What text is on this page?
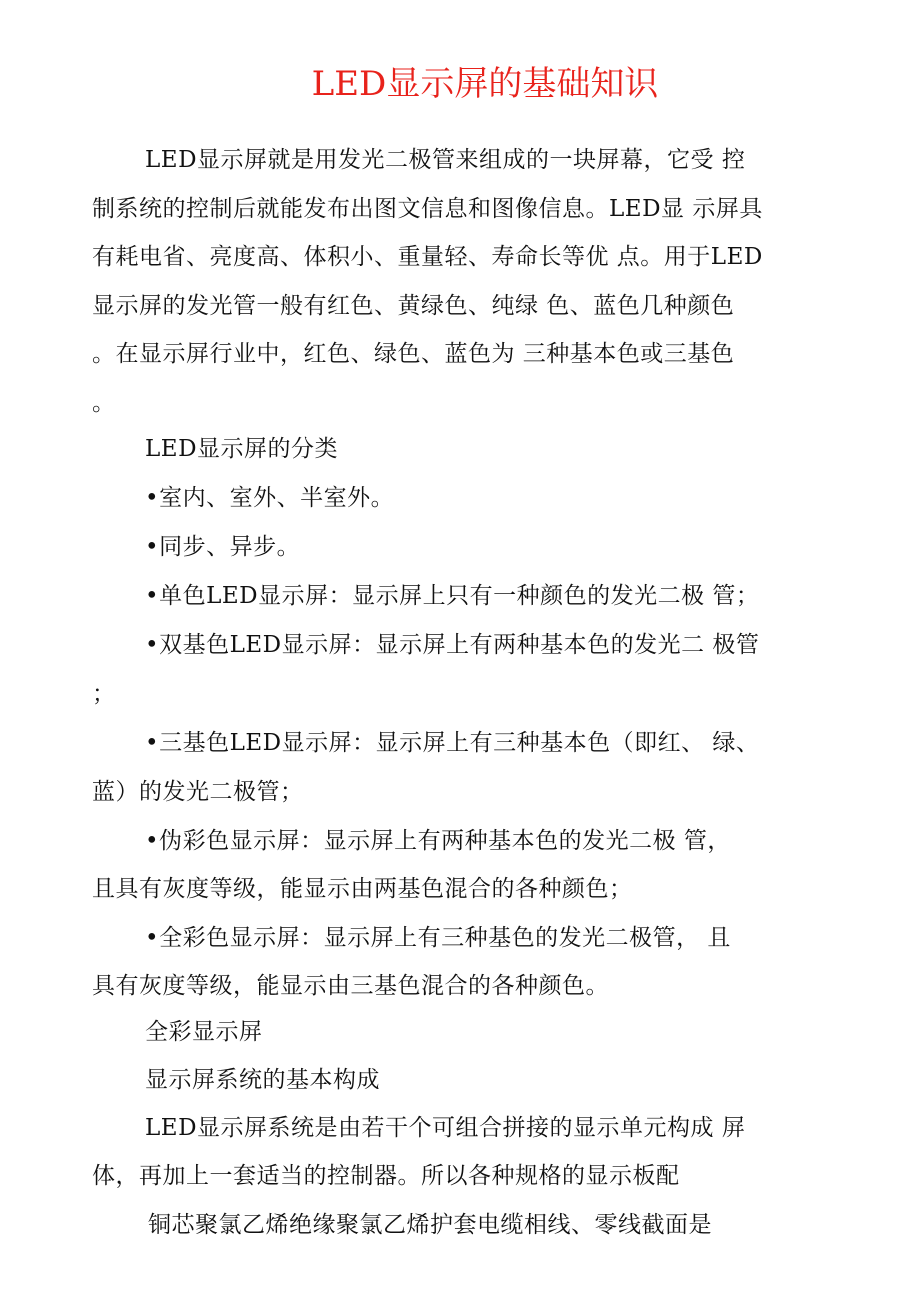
LED显示屏的基础知识
LED显示屏就是用发光二极管来组成的一块屏幕，它受 控
制系统的控制后就能发布出图文信息和图像信息。LED显 示屏具
有耗电省、亮度高、体积小、重量轻、寿命长等优 点。用于LED
显示屏的发光管一般有红色、黄绿色、纯绿 色、蓝色几种颜色
。在显示屏行业中，红色、绿色、蓝色为 三种基本色或三基色
。
LED显示屏的分类
•室内、室外、半室外。
•同步、异步。
•单色LED显示屏：显示屏上只有一种颜色的发光二极 管；
•双基色LED显示屏：显示屏上有两种基本色的发光二 极管
；
•三基色LED显示屏：显示屏上有三种基本色（即红、 绿、
蓝）的发光二极管；
•伪彩色显示屏：显示屏上有两种基本色的发光二极 管，
且具有灰度等级，能显示由两基色混合的各种颜色；
•全彩色显示屏：显示屏上有三种基色的发光二极管， 且
具有灰度等级，能显示由三基色混合的各种颜色。
全彩显示屏
显示屏系统的基本构成
LED显示屏系统是由若干个可组合拼接的显示单元构成 屏
体，再加上一套适当的控制器。所以各种规格的显示板配
铜芯聚氯乙烯绝缘聚氯乙烯护套电缆相线、零线截面是
